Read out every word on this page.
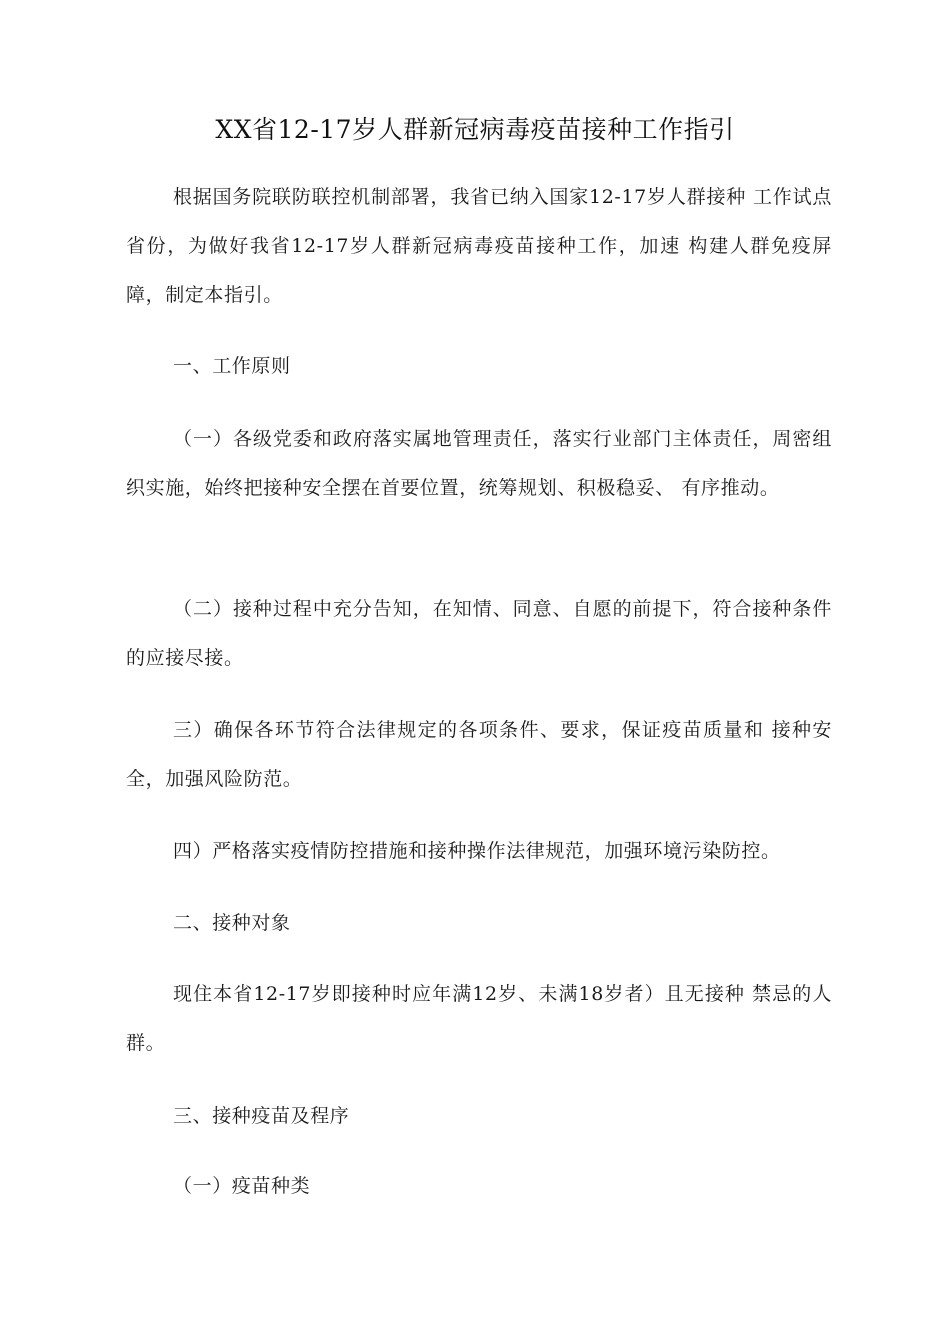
XX省12-17岁人群新冠病毒疫苗接种工作指引
根据国务院联防联控机制部署，我省已纳入国家12-17岁人群接种 工作试点省份，为做好我省12-17岁人群新冠病毒疫苗接种工作，加速 构建人群免疫屏障，制定本指引。
一、工作原则
（一）各级党委和政府落实属地管理责任，落实行业部门主体责任，周密组织实施，始终把接种安全摆在首要位置，统筹规划、积极稳妥、 有序推动。
（二）接种过程中充分告知，在知情、同意、自愿的前提下，符合接种条件的应接尽接。
三）确保各环节符合法律规定的各项条件、要求，保证疫苗质量和 接种安全，加强风险防范。
四）严格落实疫情防控措施和接种操作法律规范，加强环境污染防控。
二、接种对象
现住本省12-17岁即接种时应年满12岁、未满18岁者）且无接种 禁忌的人群。
三、接种疫苗及程序
（一）疫苗种类
